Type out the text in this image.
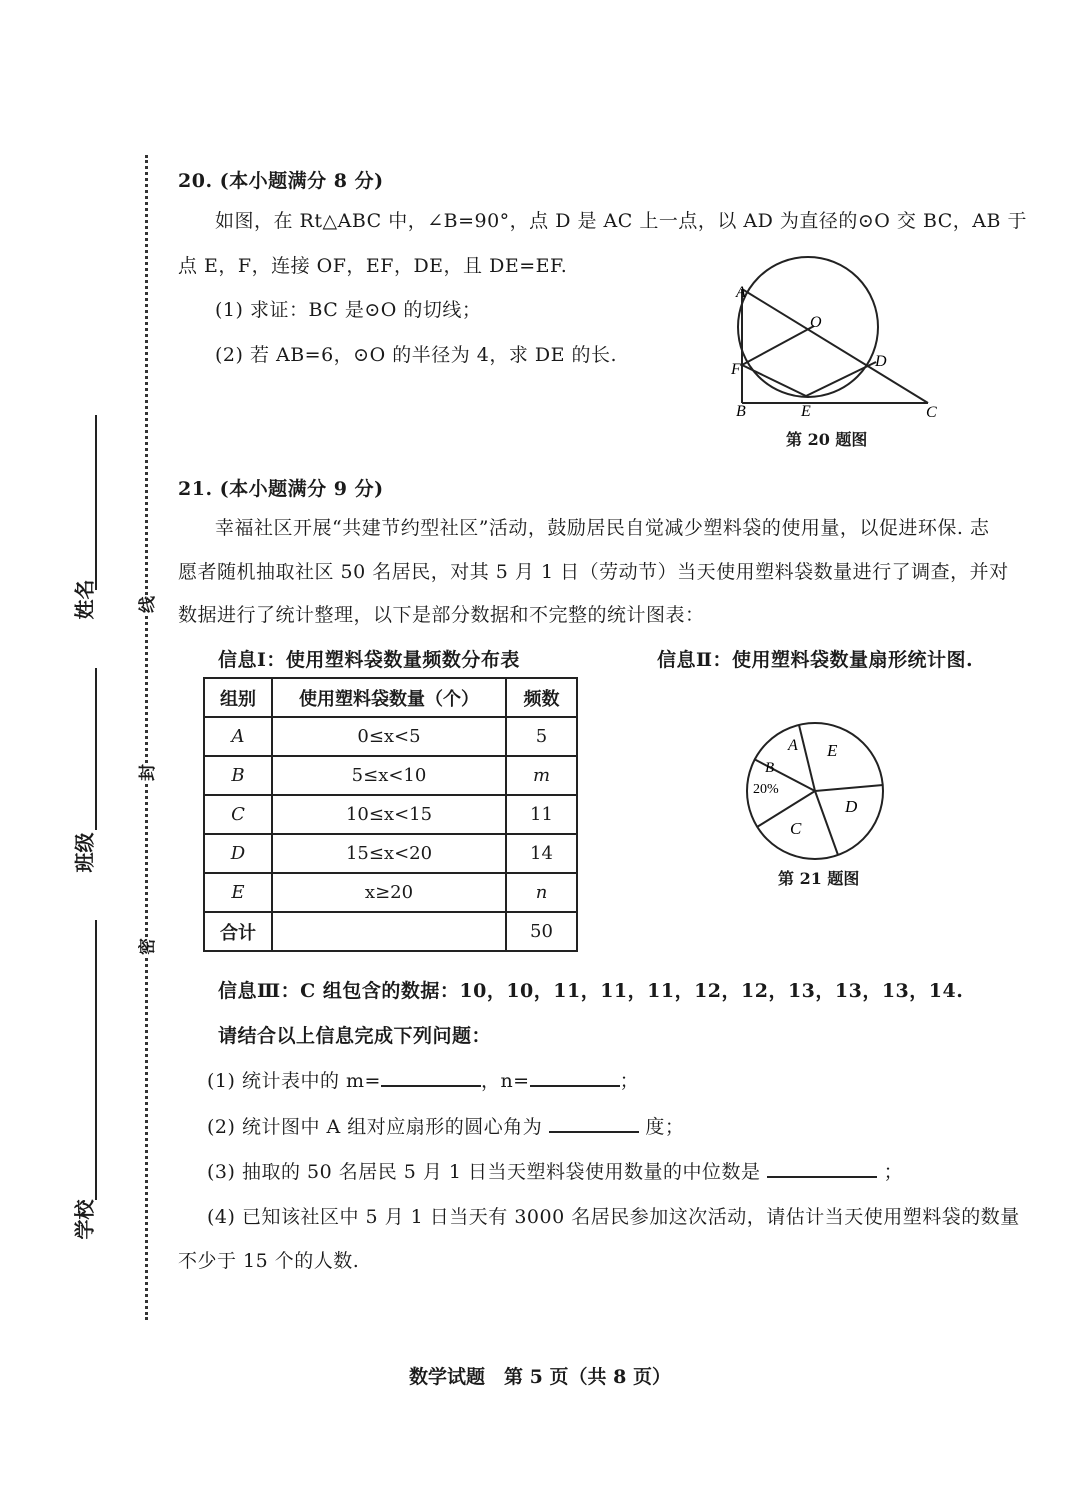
姓名
班级
学校
线
封
密
20. (本小题满分 8 分)
如图，在 Rt△ABC 中，∠B=90°，点 D 是 AC 上一点，以 AD 为直径的⊙O 交 BC，AB 于
点 E，F，连接 OF，EF，DE，且 DE=EF.
(1) 求证：BC 是⊙O 的切线；
(2) 若 AB=6，⊙O 的半径为 4，求 DE 的长.
A
O
F	D
B	E	C
第 20 题图
21. (本小题满分 9 分)
幸福社区开展“共建节约型社区”活动，鼓励居民自觉减少塑料袋的使用量，以促进环保. 志
愿者随机抽取社区 50 名居民，对其 5 月 1 日（劳动节）当天使用塑料袋数量进行了调查，并对
数据进行了统计整理，以下是部分数据和不完整的统计图表：
信息Ⅰ：使用塑料袋数量频数分布表	信息Ⅱ：使用塑料袋数量扇形统计图.
组别	使用塑料袋数量（个）	频数
A	0≤x<5	5
B	5≤x<10	m
C	10≤x<15	11
D	15≤x<20	14
E	x≥20	n
合计		50
A
B
20%
E
D
C
第 21 题图
信息Ⅲ：C 组包含的数据：10，10，11，11，11，12，12，13，13，13，14.
请结合以上信息完成下列问题：
(1) 统计表中的 m=	，n=	；
(2) 统计图中 A 组对应扇形的圆心角为	度；
(3) 抽取的 50 名居民 5 月 1 日当天塑料袋使用数量的中位数是	；
(4) 已知该社区中 5 月 1 日当天有 3000 名居民参加这次活动，请估计当天使用塑料袋的数量
不少于 15 个的人数.
数学试题　第 5 页（共 8 页）
